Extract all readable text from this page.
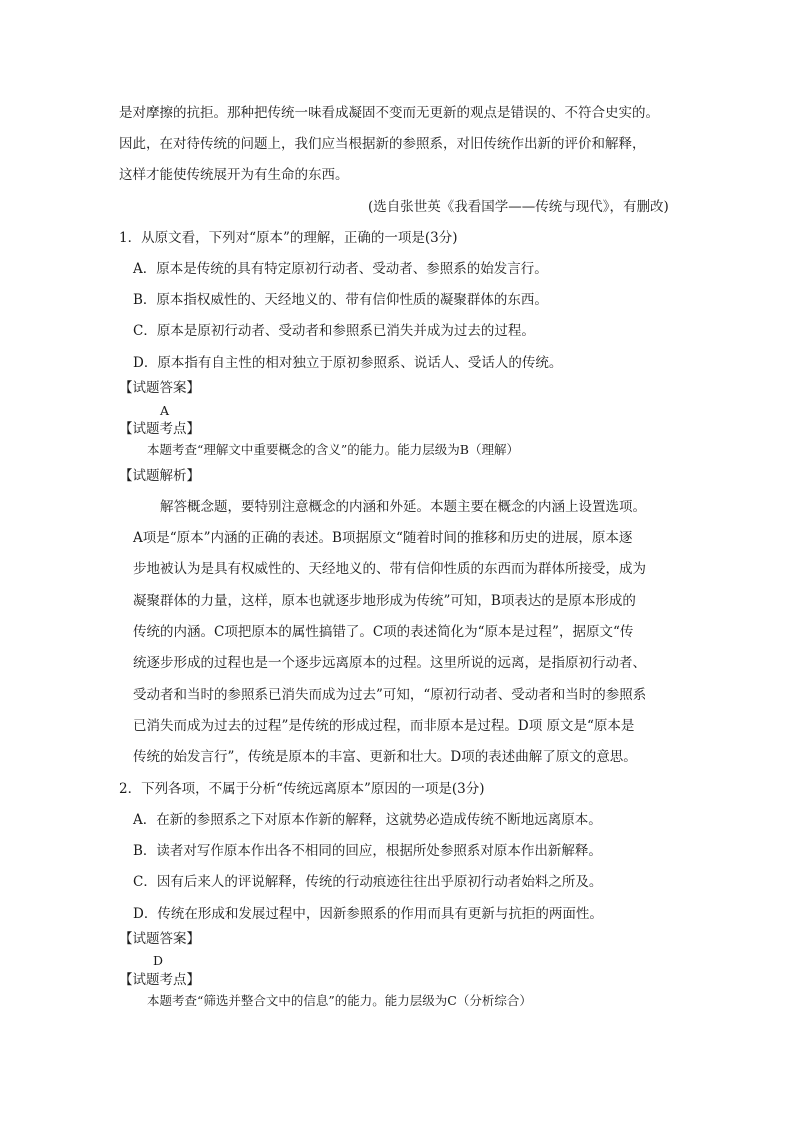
是对摩擦的抗拒。那种把传统一味看成凝固不变而无更新的观点是错误的、不符合史实的。
因此，在对待传统的问题上，我们应当根据新的参照系，对旧传统作出新的评价和解释，
这样才能使传统展开为有生命的东西。
(选自张世英《我看国学——传统与现代》，有删改)
1．从原文看，下列对“原本”的理解，正确的一项是(3分)
A．原本是传统的具有特定原初行动者、受动者、参照系的始发言行。
B．原本指权威性的、天经地义的、带有信仰性质的凝聚群体的东西。
C．原本是原初行动者、受动者和参照系已消失并成为过去的过程。
D．原本指有自主性的相对独立于原初参照系、说话人、受话人的传统。
【试题答案】
A
【试题考点】
本题考查“理解文中重要概念的含义”的能力。能力层级为B（理解）
【试题解析】
解答概念题，要特别注意概念的内涵和外延。本题主要在概念的内涵上设置选项。
A项是“原本”内涵的正确的表述。B项据原文“随着时间的推移和历史的进展，原本逐
步地被认为是具有权威性的、天经地义的、带有信仰性质的东西而为群体所接受，成为
凝聚群体的力量，这样，原本也就逐步地形成为传统”可知，B项表达的是原本形成的
传统的内涵。C项把原本的属性搞错了。C项的表述简化为“原本是过程”，据原文“传
统逐步形成的过程也是一个逐步远离原本的过程。这里所说的远离，是指原初行动者、
受动者和当时的参照系已消失而成为过去”可知，“原初行动者、受动者和当时的参照系
已消失而成为过去的过程”是传统的形成过程，而非原本是过程。D项 原文是“原本是
传统的始发言行”，传统是原本的丰富、更新和壮大。D项的表述曲解了原文的意思。
2．下列各项，不属于分析“传统远离原本”原因的一项是(3分)
A．在新的参照系之下对原本作新的解释，这就势必造成传统不断地远离原本。
B．读者对写作原本作出各不相同的回应，根据所处参照系对原本作出新解释。
C．因有后来人的评说解释，传统的行动痕迹往往出乎原初行动者始料之所及。
D．传统在形成和发展过程中，因新参照系的作用而具有更新与抗拒的两面性。
【试题答案】
D
【试题考点】
本题考查“筛选并整合文中的信息”的能力。能力层级为C（分析综合）
